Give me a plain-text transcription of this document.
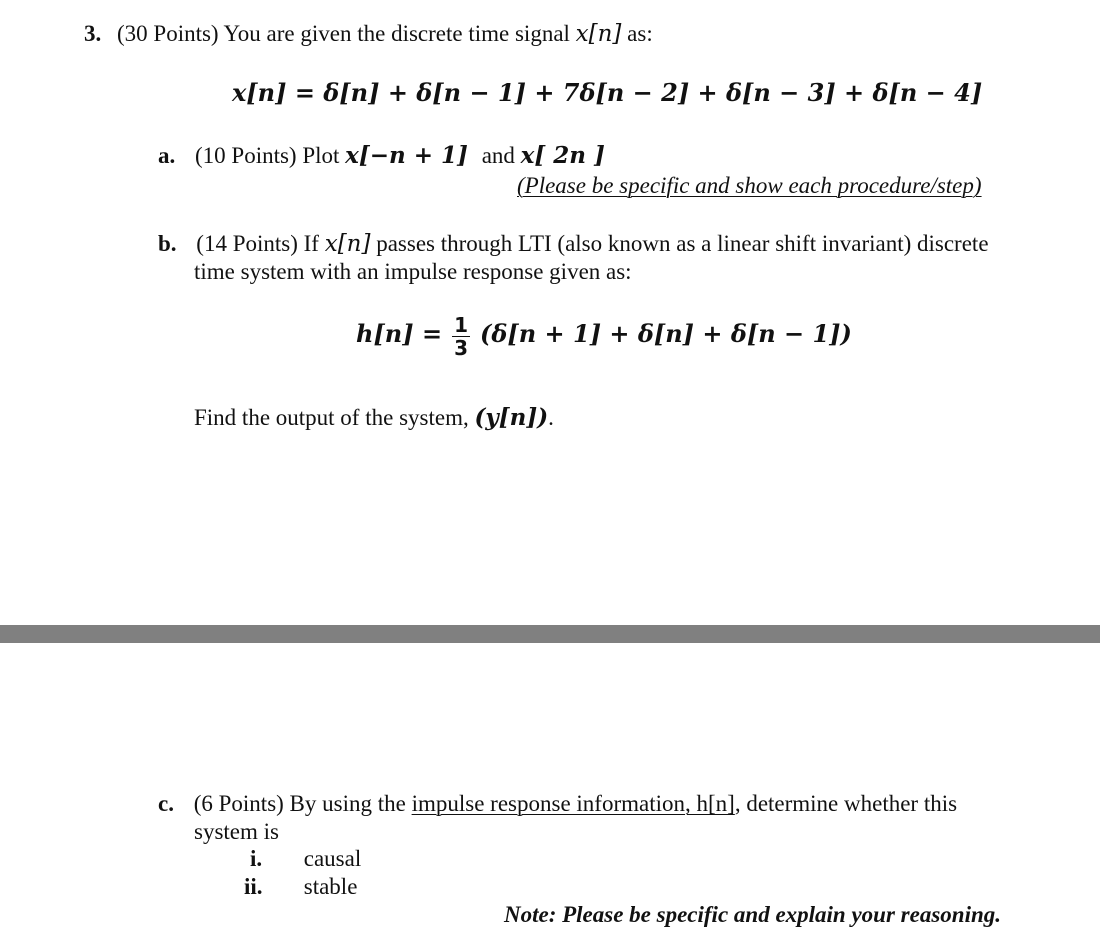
3. (30 Points) You are given the discrete time signal x[n] as:
x[n] = δ[n] + δ[n − 1] + 7δ[n − 2] + δ[n − 3] + δ[n − 4]
a. (10 Points) Plot x[−n + 1] and x[ 2n ]
(Please be specific and show each procedure/step)
b. (14 Points) If x[n] passes through LTI (also known as a linear shift invariant) discrete
time system with an impulse response given as:
$h[n] = \frac{1}{3} (\delta[n + 1] + \delta[n] + \delta[n - 1])$
Find the output of the system, (y[n]).
c. (6 Points) By using the impulse response information, h[n], determine whether this
system is
i. causal
ii. stable
Note: Please be specific and explain your reasoning.
